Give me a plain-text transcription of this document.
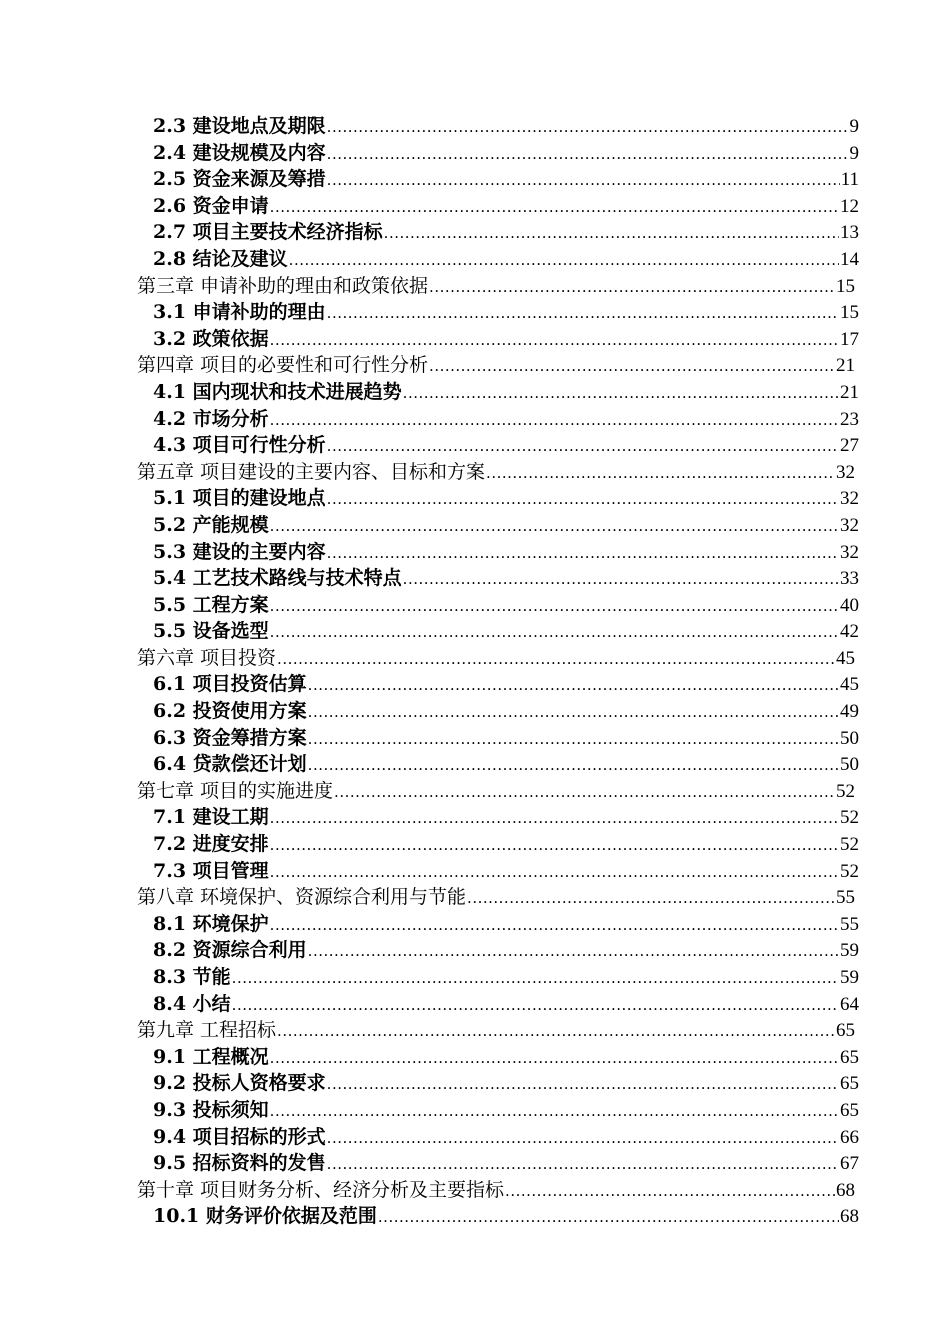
2.3 建设地点及期限 .....	9
2.4 建设规模及内容 .....	9
2.5 资金来源及筹措 .....	11
2.6 资金申请 .....	12
2.7 项目主要技术经济指标 .....	13
2.8 结论及建议 .....	14
第三章 申请补助的理由和政策依据 .....	15
3.1 申请补助的理由 .....	15
3.2 政策依据 .....	17
第四章 项目的必要性和可行性分析 .....	21
4.1 国内现状和技术进展趋势 .....	21
4.2 市场分析 .....	23
4.3 项目可行性分析 .....	27
第五章 项目建设的主要内容、目标和方案 .....	32
5.1 项目的建设地点 .....	32
5.2 产能规模 .....	32
5.3 建设的主要内容 .....	32
5.4 工艺技术路线与技术特点 .....	33
5.5 工程方案 .....	40
5.5 设备选型 .....	42
第六章 项目投资 .....	45
6.1 项目投资估算 .....	45
6.2 投资使用方案 .....	49
6.3 资金筹措方案 .....	50
6.4 贷款偿还计划 .....	50
第七章 项目的实施进度 .....	52
7.1 建设工期 .....	52
7.2 进度安排 .....	52
7.3 项目管理 .....	52
第八章 环境保护、资源综合利用与节能 .....	55
8.1 环境保护 .....	55
8.2 资源综合利用 .....	59
8.3 节能 .....	59
8.4 小结 .....	64
第九章 工程招标 .....	65
9.1 工程概况 .....	65
9.2 投标人资格要求 .....	65
9.3 投标须知 .....	65
9.4 项目招标的形式 .....	66
9.5 招标资料的发售 .....	67
第十章 项目财务分析、经济分析及主要指标 .....	68
10.1 财务评价依据及范围 .....	68
